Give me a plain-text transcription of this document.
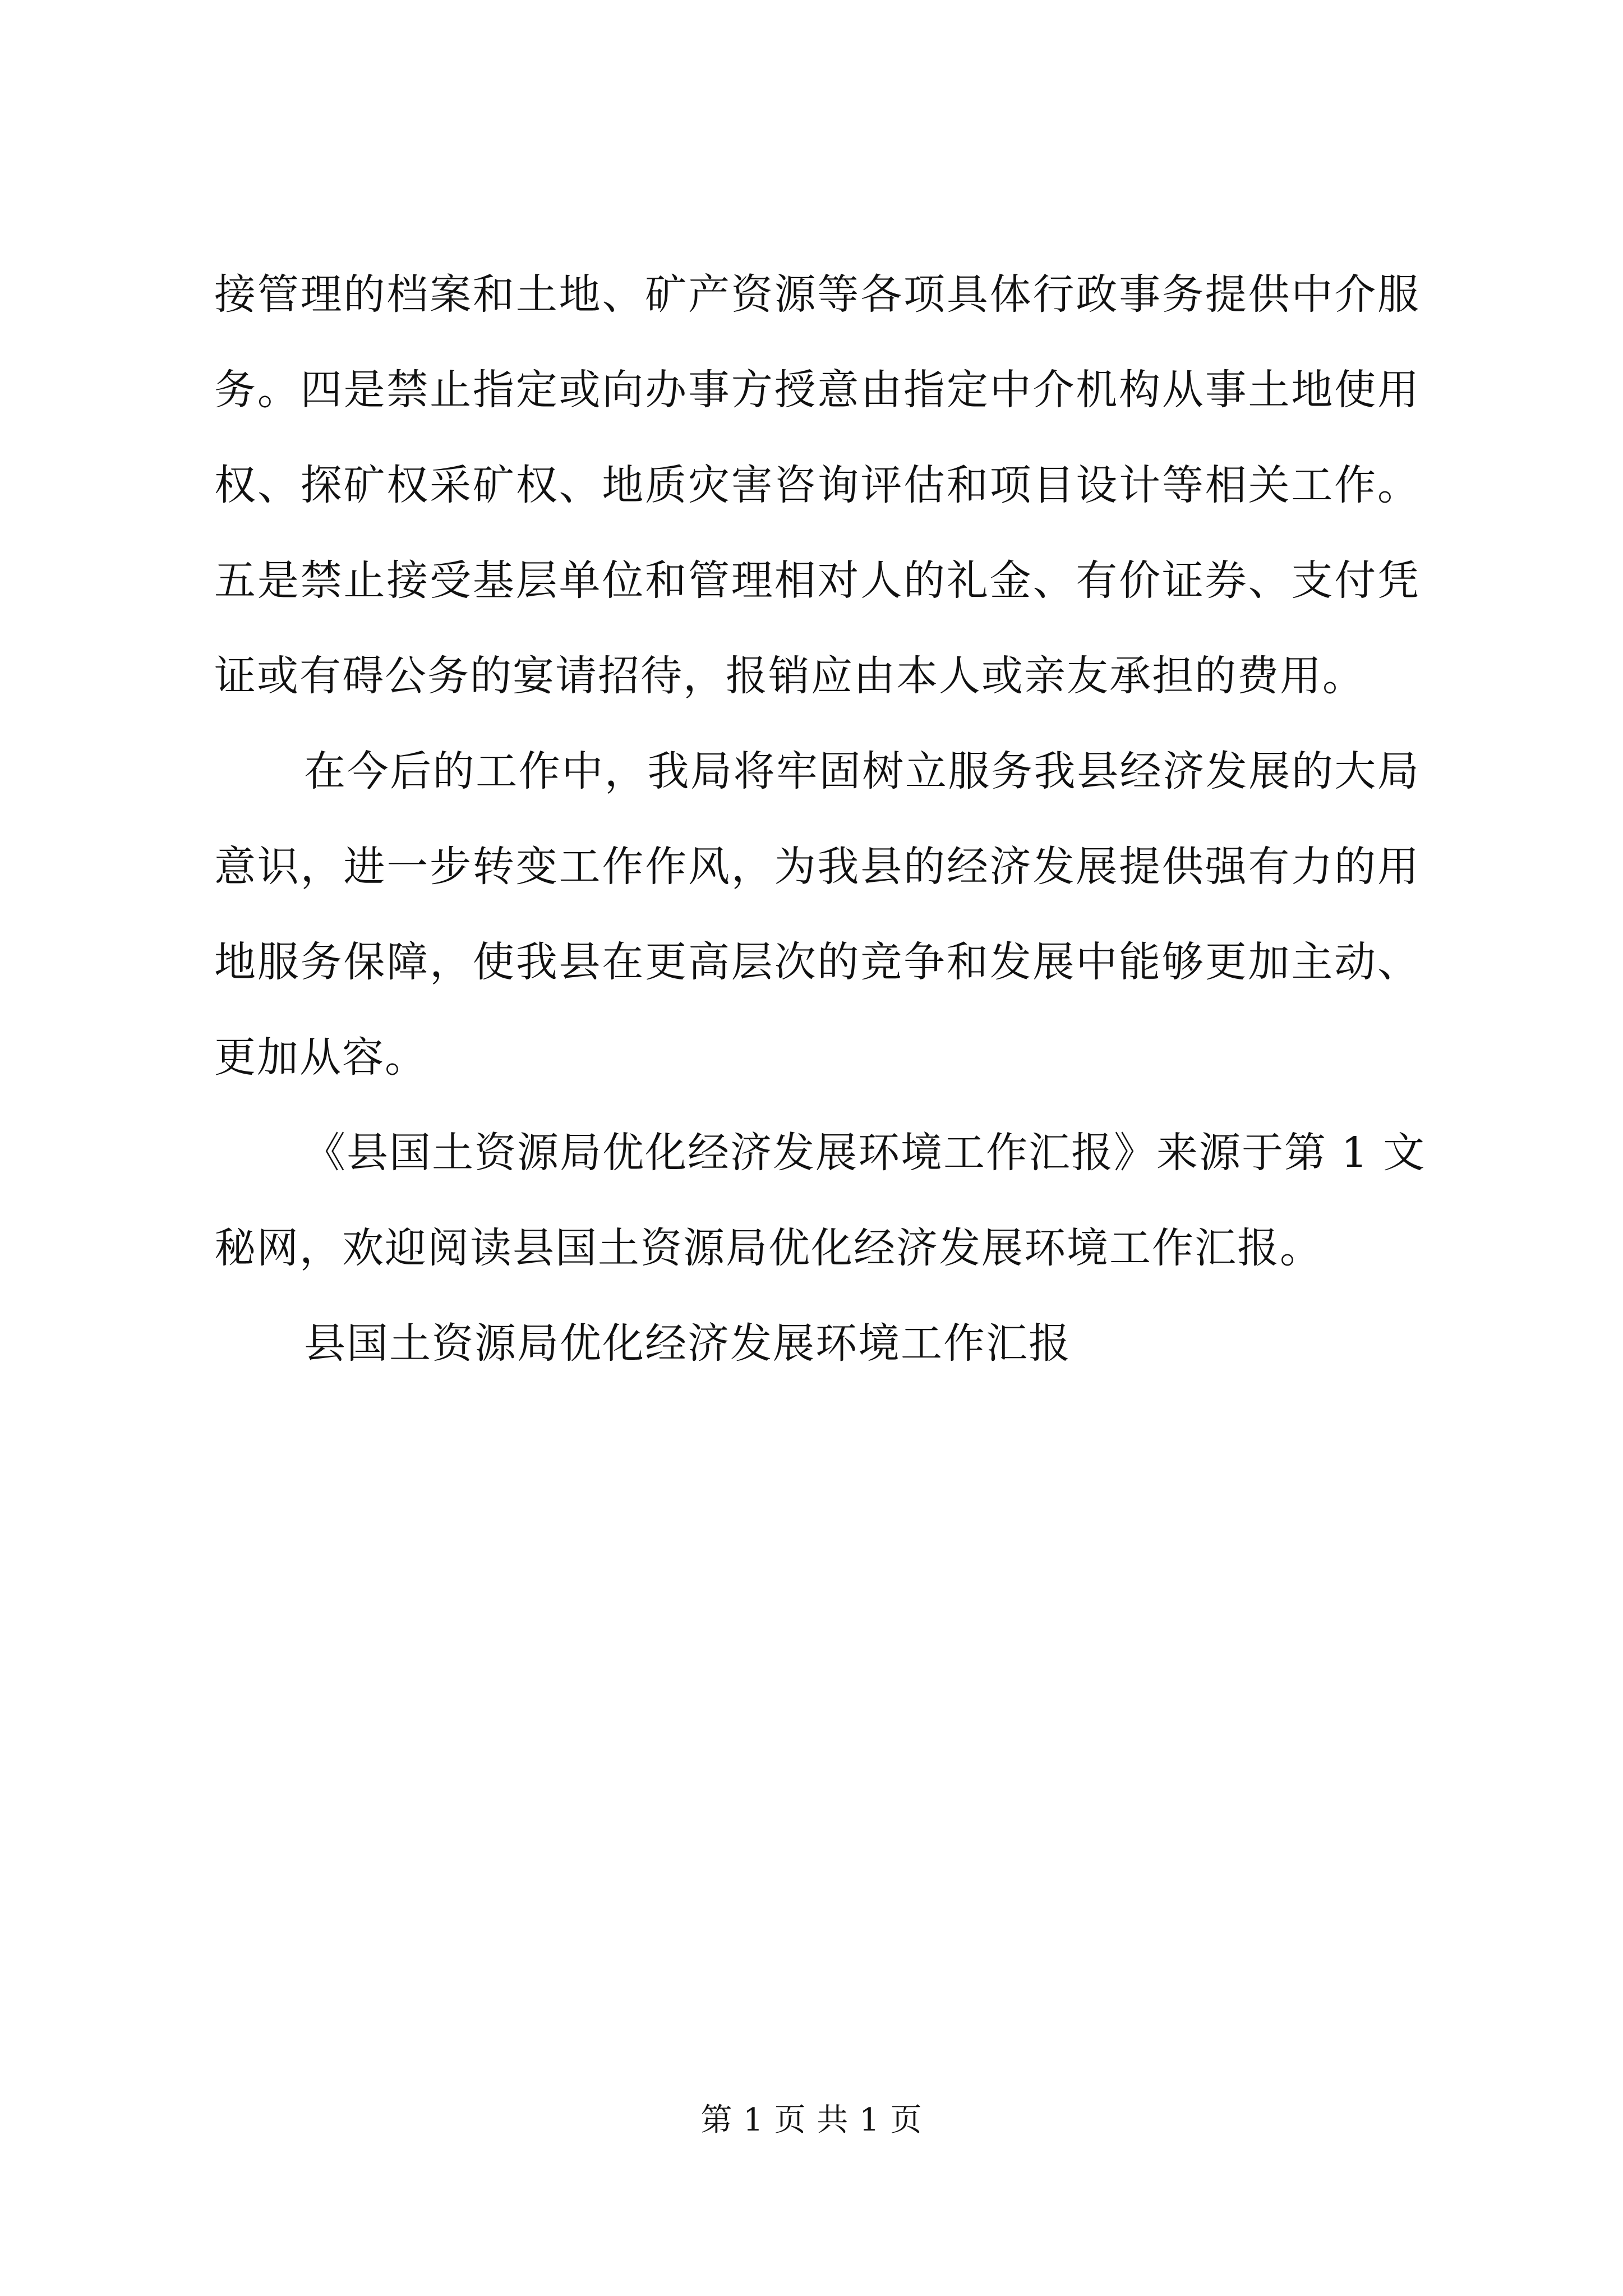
接管理的档案和土地、矿产资源等各项具体行政事务提供中介服
务。四是禁止指定或向办事方授意由指定中介机构从事土地使用
权、探矿权采矿权、地质灾害咨询评估和项目设计等相关工作。
五是禁止接受基层单位和管理相对人的礼金、有价证券、支付凭
证或有碍公务的宴请招待，报销应由本人或亲友承担的费用。
在今后的工作中，我局将牢固树立服务我县经济发展的大局
意识，进一步转变工作作风，为我县的经济发展提供强有力的用
地服务保障，使我县在更高层次的竞争和发展中能够更加主动、
更加从容。
《县国土资源局优化经济发展环境工作汇报》来源于第 1 文
秘网，欢迎阅读县国土资源局优化经济发展环境工作汇报。
县国土资源局优化经济发展环境工作汇报
第 1 页 共 1 页
